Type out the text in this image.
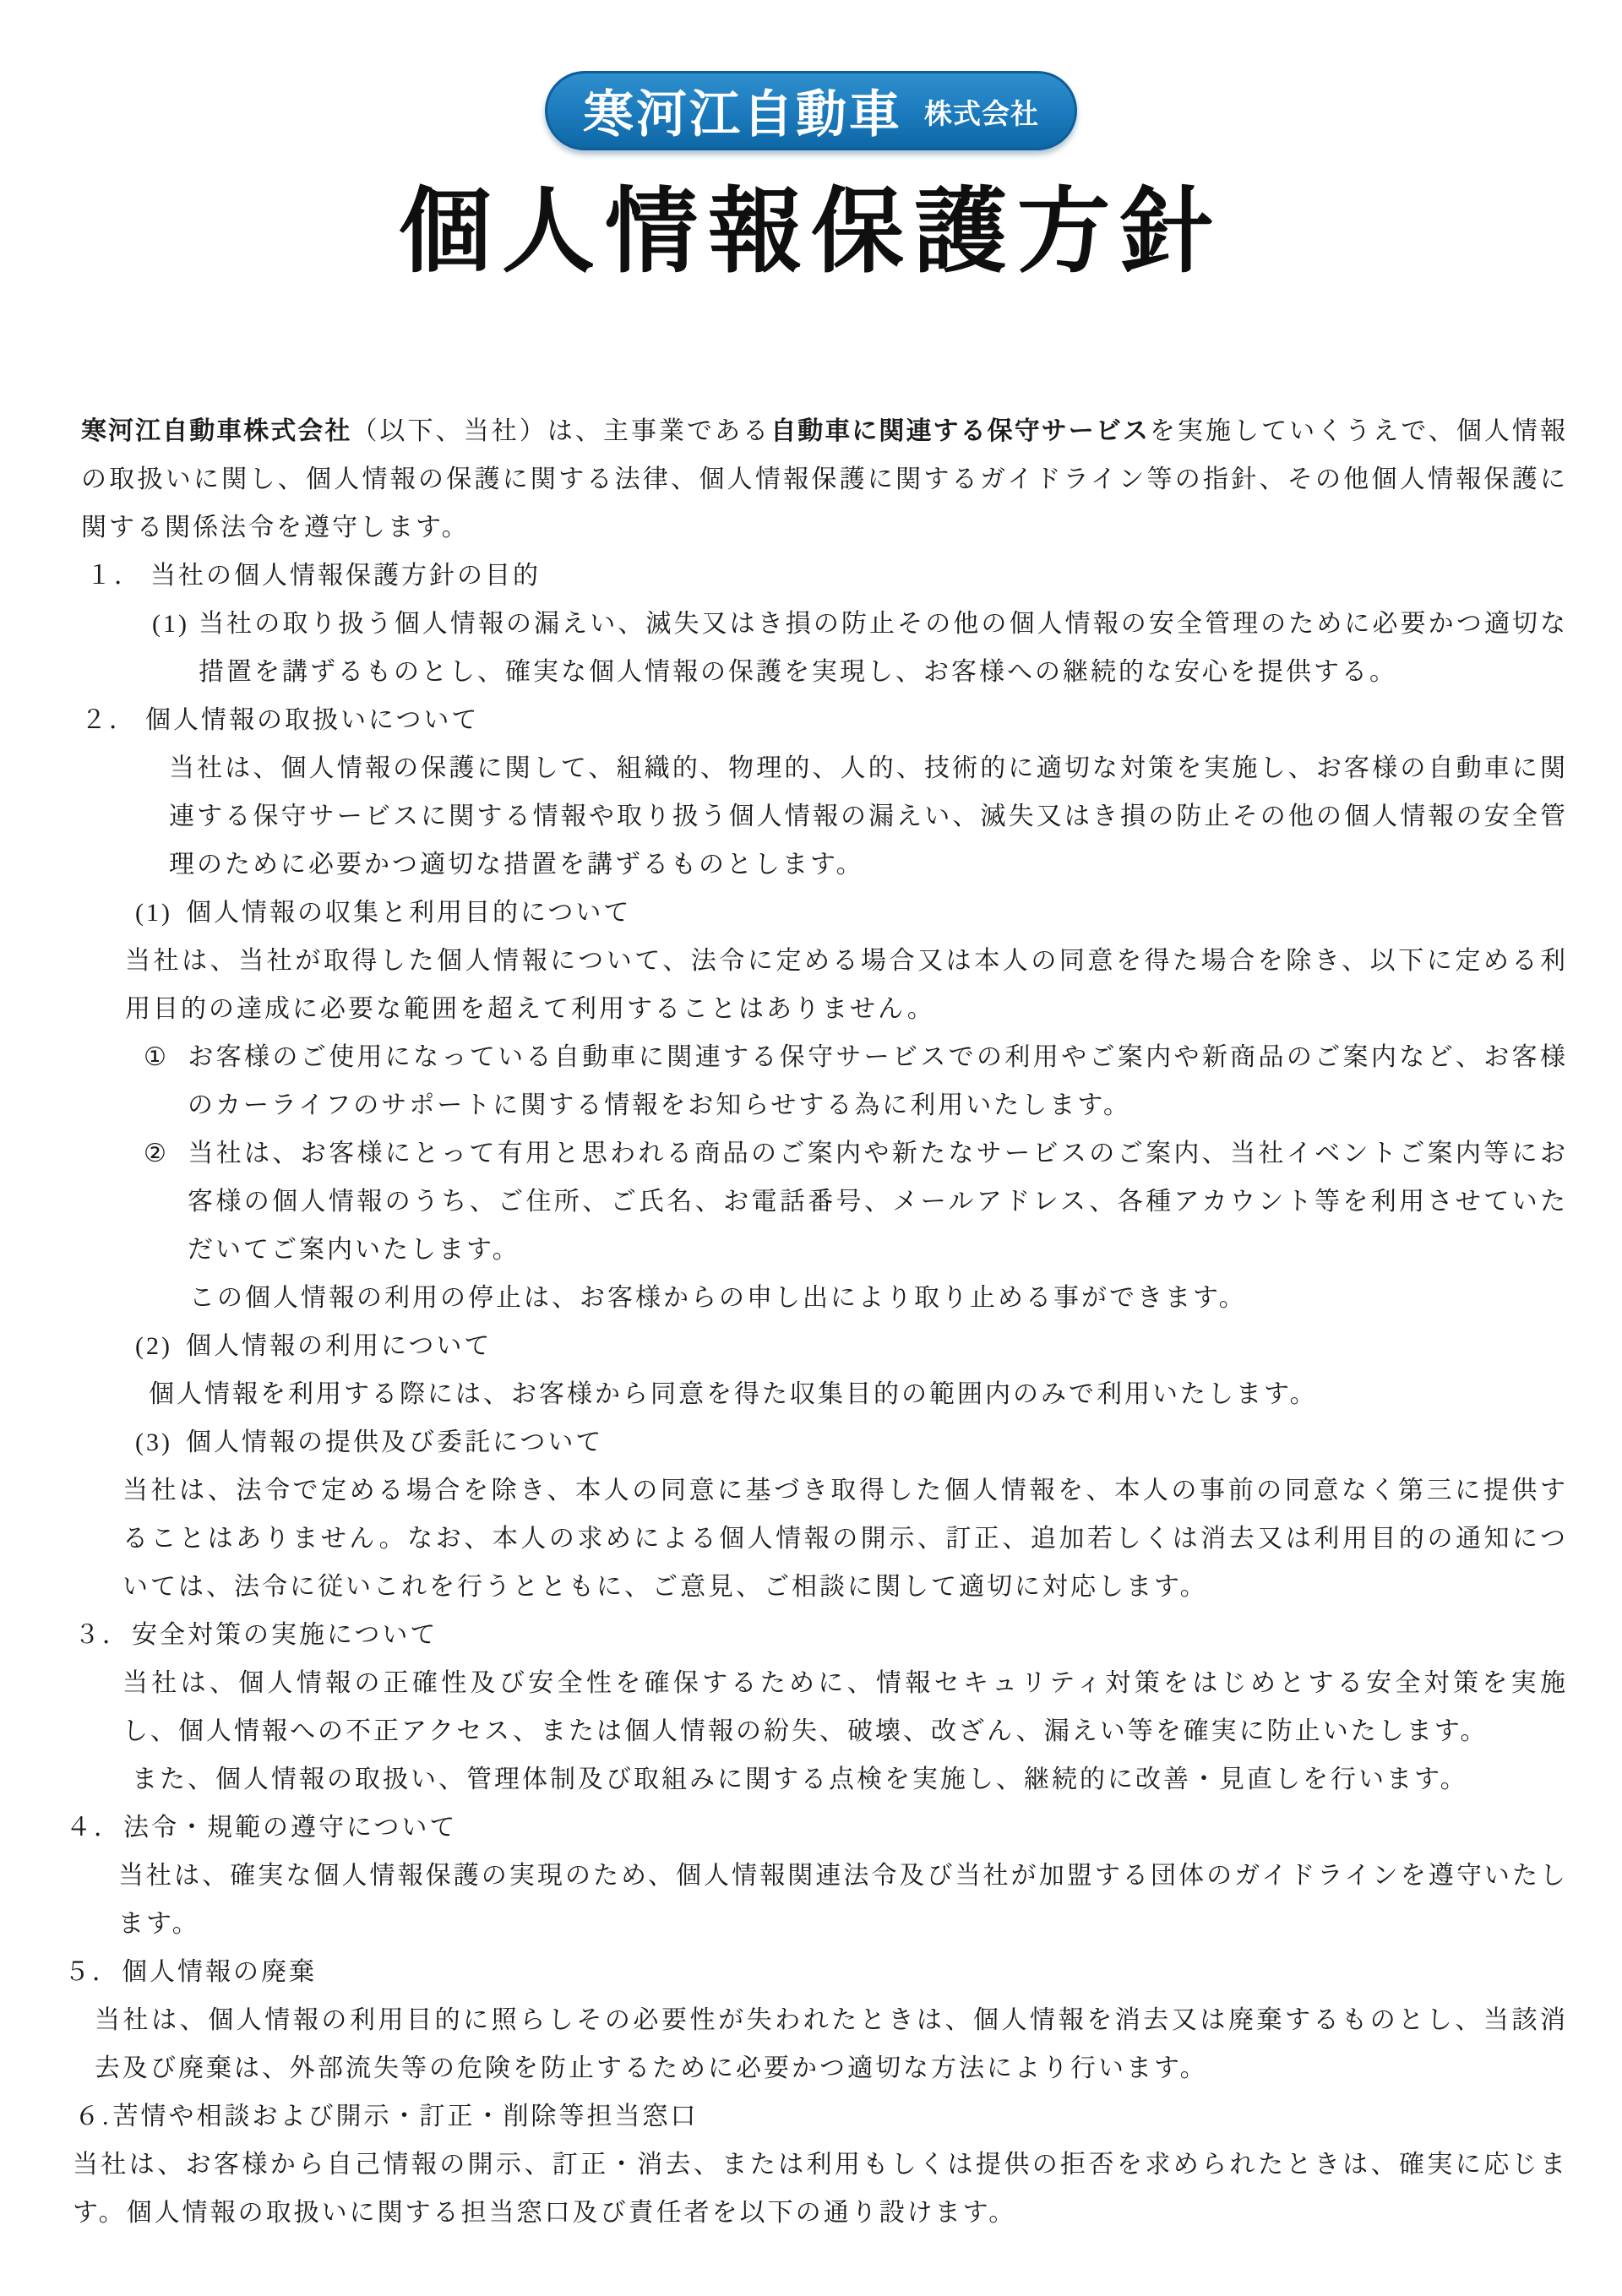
寒河江自動車 株式会社
個人情報保護方針

寒河江自動車株式会社（以下、当社）は、主事業である自動車に関連する保守サービスを実施していくうえで、個人情報の取扱いに関し、個人情報の保護に関する法律、個人情報保護に関するガイドライン等の指針、その他個人情報保護に関する関係法令を遵守します。

１． 当社の個人情報保護方針の目的

(1) 当社の取り扱う個人情報の漏えい、滅失又はき損の防止その他の個人情報の安全管理のために必要かつ適切な措置を講ずるものとし、確実な個人情報の保護を実現し、お客様への継続的な安心を提供する。

２． 個人情報の取扱いについて

当社は、個人情報の保護に関して、組織的、物理的、人的、技術的に適切な対策を実施し、お客様の自動車に関連する保守サービスに関する情報や取り扱う個人情報の漏えい、滅失又はき損の防止その他の個人情報の安全管理のために必要かつ適切な措置を講ずるものとします。

(1) 個人情報の収集と利用目的について

当社は、当社が取得した個人情報について、法令に定める場合又は本人の同意を得た場合を除き、以下に定める利用目的の達成に必要な範囲を超えて利用することはありません。

① お客様のご使用になっている自動車に関連する保守サービスでの利用やご案内や新商品のご案内など、お客様のカーライフのサポートに関する情報をお知らせする為に利用いたします。

② 当社は、お客様にとって有用と思われる商品のご案内や新たなサービスのご案内、当社イベントご案内等にお客様の個人情報のうち、ご住所、ご氏名、お電話番号、メールアドレス、各種アカウント等を利用させていただいてご案内いたします。

この個人情報の利用の停止は、お客様からの申し出により取り止める事ができます。

(2) 個人情報の利用について

個人情報を利用する際には、お客様から同意を得た収集目的の範囲内のみで利用いたします。

(3) 個人情報の提供及び委託について

当社は、法令で定める場合を除き、本人の同意に基づき取得した個人情報を、本人の事前の同意なく第三に提供することはありません。なお、本人の求めによる個人情報の開示、訂正、追加若しくは消去又は利用目的の通知については、法令に従いこれを行うとともに、ご意見、ご相談に関して適切に対応します。

３．安全対策の実施について

当社は、個人情報の正確性及び安全性を確保するために、情報セキュリティ対策をはじめとする安全対策を実施し、個人情報への不正アクセス、または個人情報の紛失、破壊、改ざん、漏えい等を確実に防止いたします。

また、個人情報の取扱い、管理体制及び取組みに関する点検を実施し、継続的に改善・見直しを行います。

４．法令・規範の遵守について

当社は、確実な個人情報保護の実現のため、個人情報関連法令及び当社が加盟する団体のガイドラインを遵守いたします。

５．個人情報の廃棄

当社は、個人情報の利用目的に照らしその必要性が失われたときは、個人情報を消去又は廃棄するものとし、当該消去及び廃棄は、外部流失等の危険を防止するために必要かつ適切な方法により行います。

６.苦情や相談および開示・訂正・削除等担当窓口

当社は、お客様から自己情報の開示、訂正・消去、または利用もしくは提供の拒否を求められたときは、確実に応じます。個人情報の取扱いに関する担当窓口及び責任者を以下の通り設けます。
